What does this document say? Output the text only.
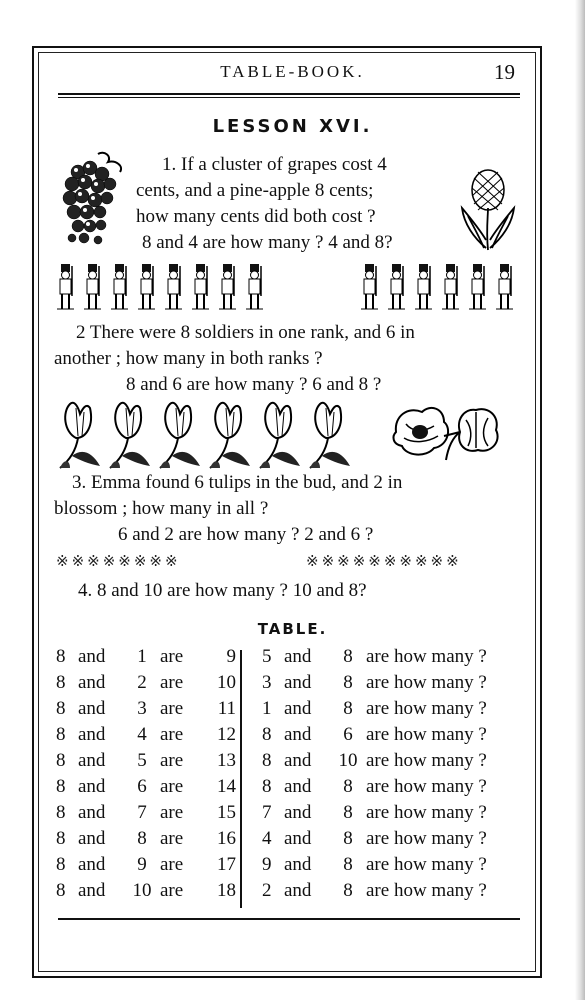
TABLE-BOOK.	19
LESSON XVI.
1. If a cluster of grapes cost 4
cents, and a pine-apple 8 cents;
how many cents did both cost ?
8 and 4 are how many ? 4 and 8?
2 There were 8 soldiers in one rank, and 6 in
another ; how many in both ranks ?
8 and 6 are how many ? 6 and 8 ?
3. Emma found 6 tulips in the bud, and 2 in
blossom ; how many in all ?
6 and 2 are how many ? 2 and 6 ?
※※※※※※※※	※※※※※※※※※※
4. 8 and 10 are how many ? 10 and 8?
TABLE.
8 and	1 are	9
8 and	2 are	10
8 and	3 are	11
8 and	4 are	12
8 and	5 are	13
8 and	6 are	14
8 and	7 are	15
8 and	8 are	16
8 and	9 are	17
8 and	10 are	18
5 and	8 are how many ?
3 and	8 are how many ?
1 and	8 are how many ?
8 and	6 are how many ?
8 and	10 are how many ?
8 and	8 are how many ?
7 and	8 are how many ?
4 and	8 are how many ?
9 and	8 are how many ?
2 and	8 are how many ?
